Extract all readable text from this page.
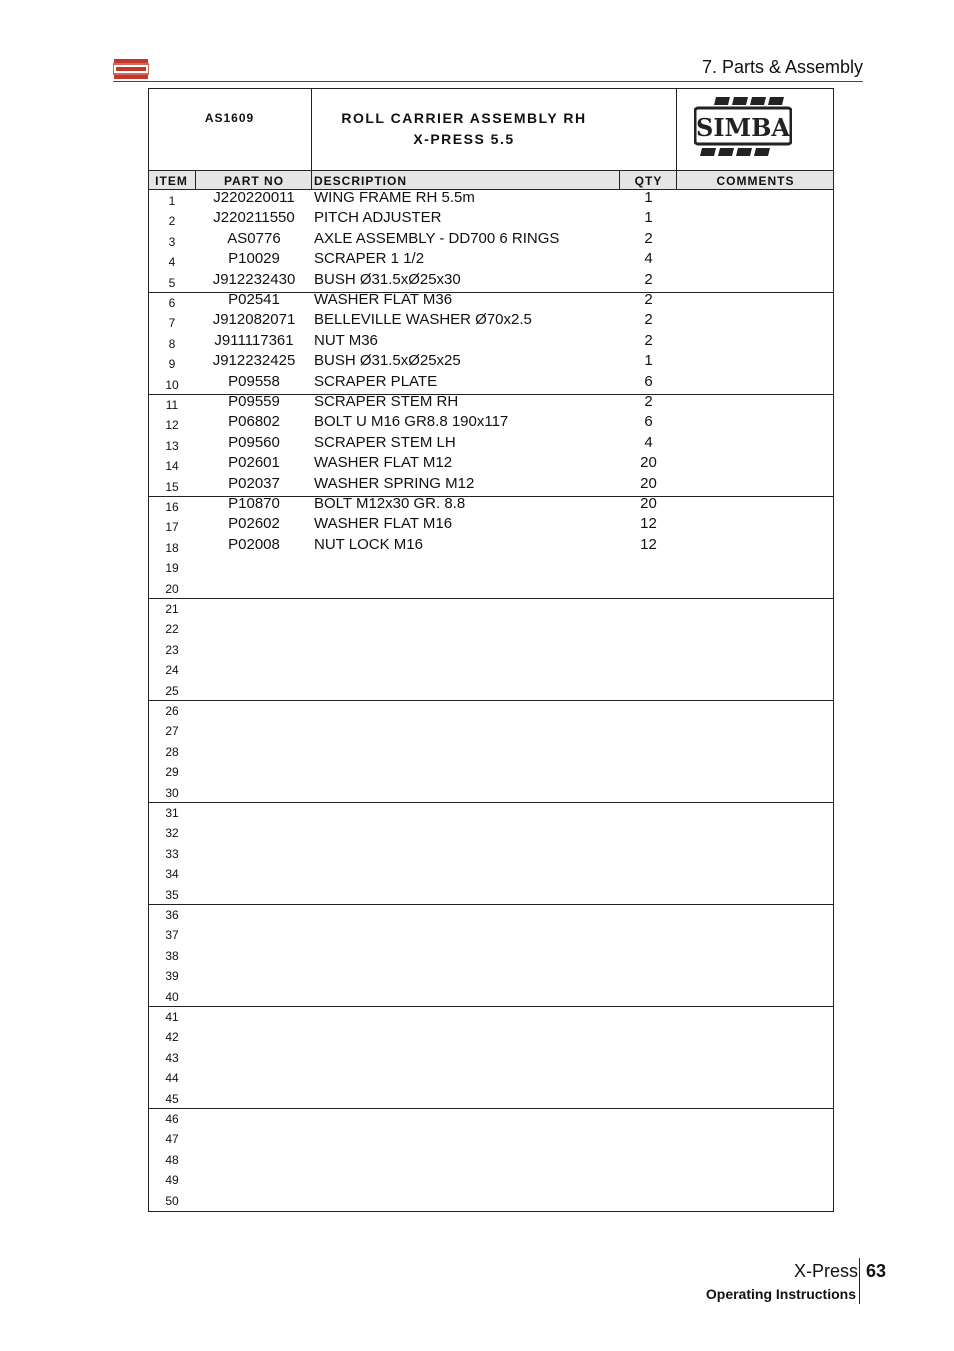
7. Parts & Assembly
AS1609	ROLL CARRIER ASSEMBLY RH
X-PRESS 5.5	SIMBA
ITEM	PART NO	DESCRIPTION	QTY	COMMENTS
1	J220220011	WING FRAME RH 5.5m	1
2	J220211550	PITCH ADJUSTER	1
3	AS0776	AXLE ASSEMBLY - DD700 6 RINGS	2
4	P10029	SCRAPER 1 1/2	4
5	J912232430	BUSH Ø31.5xØ25x30	2
6	P02541	WASHER FLAT M36	2
7	J912082071	BELLEVILLE WASHER Ø70x2.5	2
8	J911117361	NUT M36	2
9	J912232425	BUSH Ø31.5xØ25x25	1
10	P09558	SCRAPER PLATE	6
11	P09559	SCRAPER STEM RH	2
12	P06802	BOLT U M16 GR8.8 190x117	6
13	P09560	SCRAPER STEM LH	4
14	P02601	WASHER FLAT M12	20
15	P02037	WASHER SPRING M12	20
16	P10870	BOLT M12x30 GR. 8.8	20
17	P02602	WASHER FLAT M16	12
18	P02008	NUT LOCK M16	12
19
20
21
22
23
24
25
26
27
28
29
30
31
32
33
34
35
36
37
38
39
40
41
42
43
44
45
46
47
48
49
50
X-Press 63
Operating Instructions
